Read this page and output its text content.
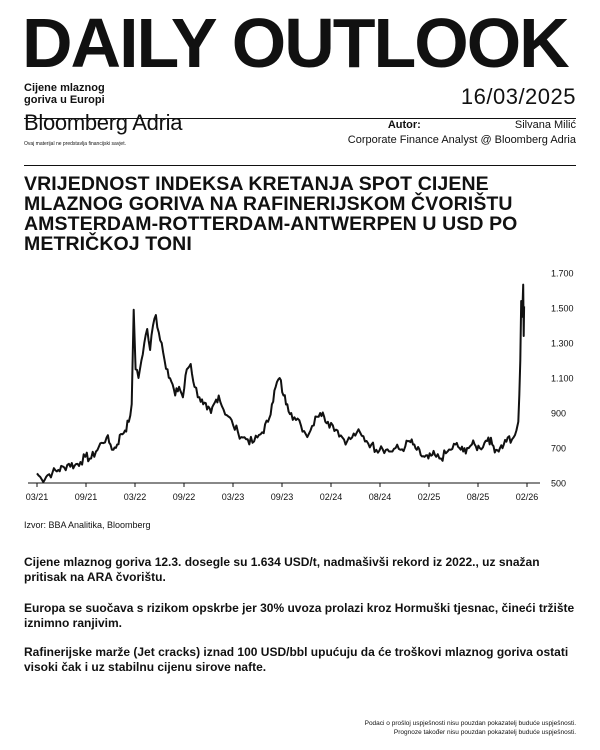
DAILY OUTLOOK
Cijene mlaznog goriva u Europi	16/03/2025
Bloomberg Adria
Ovaj materijal ne predstavlja financijski savjet.
Autor:	Silvana Milić
Corporate Finance Analyst @ Bloomberg Adria
VRIJEDNOST INDEKSA KRETANJA SPOT CIJENE MLAZNOG GORIVA NA RAFINERIJSKOM ČVORIŠTU AMSTERDAM-ROTTERDAM-ANTWERPEN U USD PO METRIČKOJ TONI
03/21	09/21	03/22	09/22	03/23	09/23	02/24	08/24	02/25	08/25	02/26
500
700
900
1.100
1.300
1.500
1.700
Izvor: BBA Analitika, Bloomberg
Cijene mlaznog goriva 12.3. dosegle su 1.634 USD/t, nadmašivši rekord iz 2022., uz snažan pritisak na ARA čvorištu.
Europa se suočava s rizikom opskrbe jer 30% uvoza prolazi kroz Hormuški tjesnac, čineći tržište iznimno ranjivim.
Rafinerijske marže (Jet cracks) iznad 100 USD/bbl upućuju da će troškovi mlaznog goriva ostati visoki čak i uz stabilnu cijenu sirove nafte.
Podaci o prošlој uspješnosti nisu pouzdan pokazatelj buduće uspješnosti.
Prognoze također nisu pouzdan pokazatelj buduće uspješnosti.
